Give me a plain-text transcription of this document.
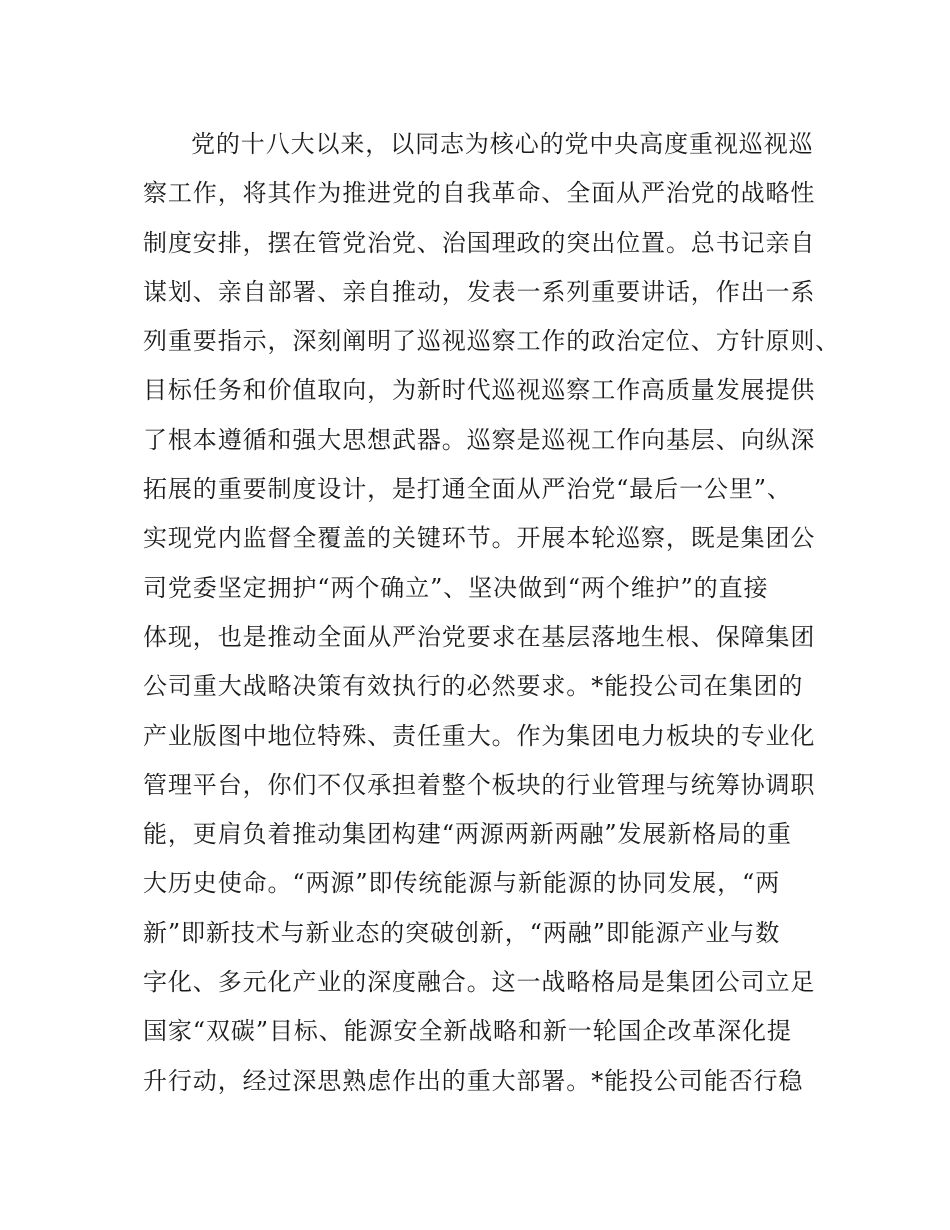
党的十八大以来，以同志为核心的党中央高度重视巡视巡
察工作，将其作为推进党的自我革命、全面从严治党的战略性
制度安排，摆在管党治党、治国理政的突出位置。总书记亲自
谋划、亲自部署、亲自推动，发表一系列重要讲话，作出一系
列重要指示，深刻阐明了巡视巡察工作的政治定位、方针原则、
目标任务和价值取向，为新时代巡视巡察工作高质量发展提供
了根本遵循和强大思想武器。巡察是巡视工作向基层、向纵深
拓展的重要制度设计，是打通全面从严治党“最后一公里”、
实现党内监督全覆盖的关键环节。开展本轮巡察，既是集团公
司党委坚定拥护“两个确立”、坚决做到“两个维护”的直接
体现，也是推动全面从严治党要求在基层落地生根、保障集团
公司重大战略决策有效执行的必然要求。*能投公司在集团的
产业版图中地位特殊、责任重大。作为集团电力板块的专业化
管理平台，你们不仅承担着整个板块的行业管理与统筹协调职
能，更肩负着推动集团构建“两源两新两融”发展新格局的重
大历史使命。“两源”即传统能源与新能源的协同发展，“两
新”即新技术与新业态的突破创新，“两融”即能源产业与数
字化、多元化产业的深度融合。这一战略格局是集团公司立足
国家“双碳”目标、能源安全新战略和新一轮国企改革深化提
升行动，经过深思熟虑作出的重大部署。*能投公司能否行稳
